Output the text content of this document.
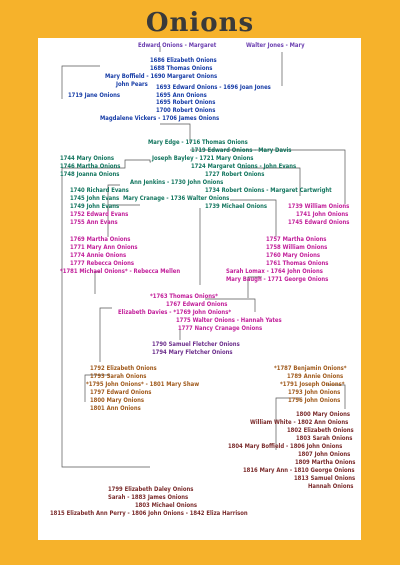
Onions
Edward Onions - Margaret	Walter Jones - Mary
1686 Elizabeth Onions
1688 Thomas Onions
Mary Boffield - 1690 Margaret Onions
John Pears 1693 Edward Onions - 1696 Joan Jones
1695 Ann Onions
1719 Jane Onions
1695 Robert Onions
1700 Robert Onions
Magdalene Vickers - 1706 James Onions
Mary Edge - 1716 Thomas Onions
1719 Edward Onions - Mary Davis
1744 Mary Onions	Joseph Bayley - 1721 Mary Onions
1746 Martha Onions	1724 Margaret Onions - John Evans
1748 Joanna Onions	1727 Robert Onions
Ann Jenkins - 1730 John Onions
1740 Richard Evans	1734 Robert Onions - Margaret Cartwright
1745 John Evans Mary Cranage - 1736 Walter Onions
1749 John Evans	1739 Michael Onions
1752 Edward Evans
1739 William Onions
1741 John Onions
1755 Ann Evans	1745 Edward Onions
1769 Martha Onions	1757 Martha Onions
1771 Mary Ann Onions	1758 William Onions
1774 Annie Onions	1760 Mary Onions
1777 Rebecca Onions	1761 Thomas Onions
*1781 Michael Onions* - Rebecca Mellen	Sarah Lomax - 1764 John Onions
Mary Baugh - 1771 George Onions
*1763 Thomas Onions*
1767 Edward Onions
Elizabeth Davies - *1769 John Onions*
1775 Walter Onions - Hannah Yates
1777 Nancy Cranage Onions
1790 Samuel Fletcher Onions
1794 Mary Fletcher Onions
1792 Elizabeth Onions	*1787 Benjamin Onions*
1793 Sarah Onions	1789 Annie Onions
*1795 John Onions* - 1801 Mary Shaw	*1791 Joseph Onions*
1797 Edward Onions	1793 John Onions
1800 Mary Onions	1796 John Onions
1801 Ann Onions
1800 Mary Onions
William White - 1802 Ann Onions
1802 Elizabeth Onions
1803 Sarah Onions
1804 Mary Boffield - 1806 John Onions
1807 John Onions
1809 Martha Onions
1816 Mary Ann - 1810 George Onions
1813 Samuel Onions
Hannah Onions
1799 Elizabeth Daley Onions
Sarah - 1883 James Onions
1803 Michael Onions
1815 Elizabeth Ann Perry - 1806 John Onions - 1842 Eliza Harrison
